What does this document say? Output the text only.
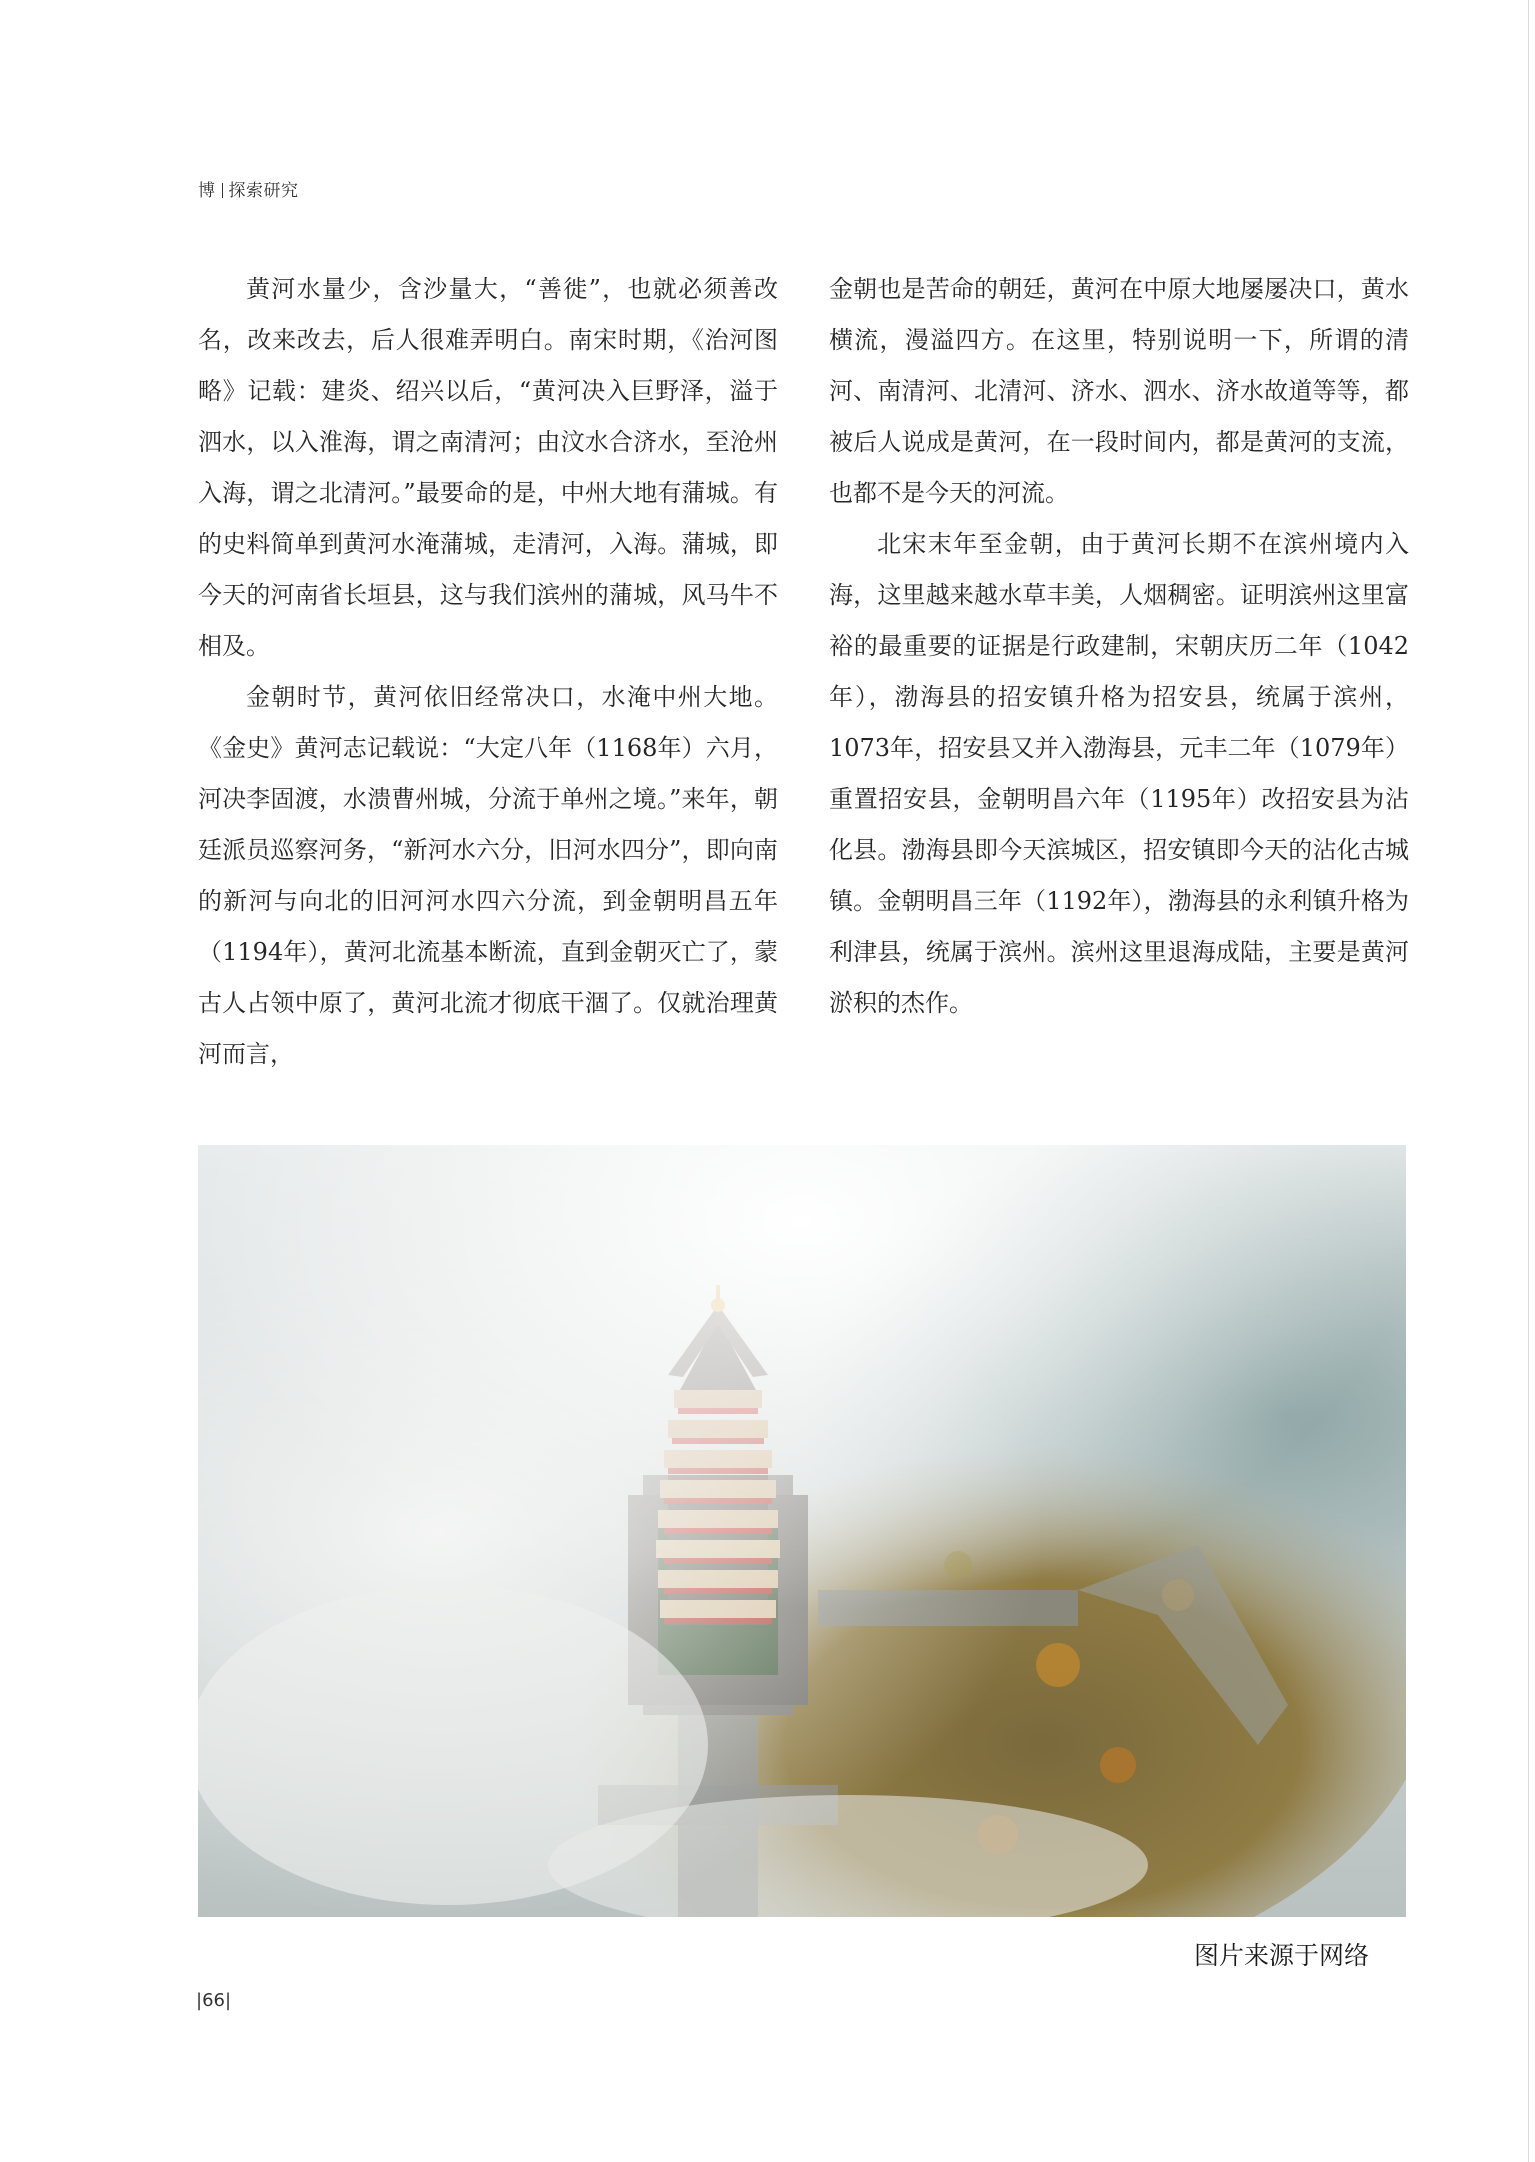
博 探索研究

黄河水量少，含沙量大，“善徙”，也就必须善改名，改来改去，后人很难弄明白。南宋时期，《治河图略》记载：建炎、绍兴以后，“黄河决入巨野泽，溢于泗水，以入淮海，谓之南清河；由汶水合济水，至沧州入海，谓之北清河。”最要命的是，中州大地有蒲城。有的史料简单到黄河水淹蒲城，走清河，入海。蒲城，即今天的河南省长垣县，这与我们滨州的蒲城，风马牛不相及。

金朝时节，黄河依旧经常决口，水淹中州大地。《金史》黄河志记载说：“大定八年（1168年）六月，河决李固渡，水溃曹州城，分流于单州之境。”来年，朝廷派员巡察河务，“新河水六分，旧河水四分”，即向南的新河与向北的旧河河水四六分流，到金朝明昌五年（1194年），黄河北流基本断流，直到金朝灭亡了，蒙古人占领中原了，黄河北流才彻底干涸了。仅就治理黄河而言，

金朝也是苦命的朝廷，黄河在中原大地屡屡决口，黄水横流，漫溢四方。在这里，特别说明一下，所谓的清河、南清河、北清河、济水、泗水、济水故道等等，都被后人说成是黄河，在一段时间内，都是黄河的支流，也都不是今天的河流。

北宋末年至金朝，由于黄河长期不在滨州境内入海，这里越来越水草丰美，人烟稠密。证明滨州这里富裕的最重要的证据是行政建制，宋朝庆历二年（1042年），渤海县的招安镇升格为招安县，统属于滨州，1073年，招安县又并入渤海县，元丰二年（1079年）重置招安县，金朝明昌六年（1195年）改招安县为沾化县。渤海县即今天滨城区，招安镇即今天的沾化古城镇。金朝明昌三年（1192年），渤海县的永利镇升格为利津县，统属于滨州。滨州这里退海成陆，主要是黄河淤积的杰作。

图片来源于网络
|66|
